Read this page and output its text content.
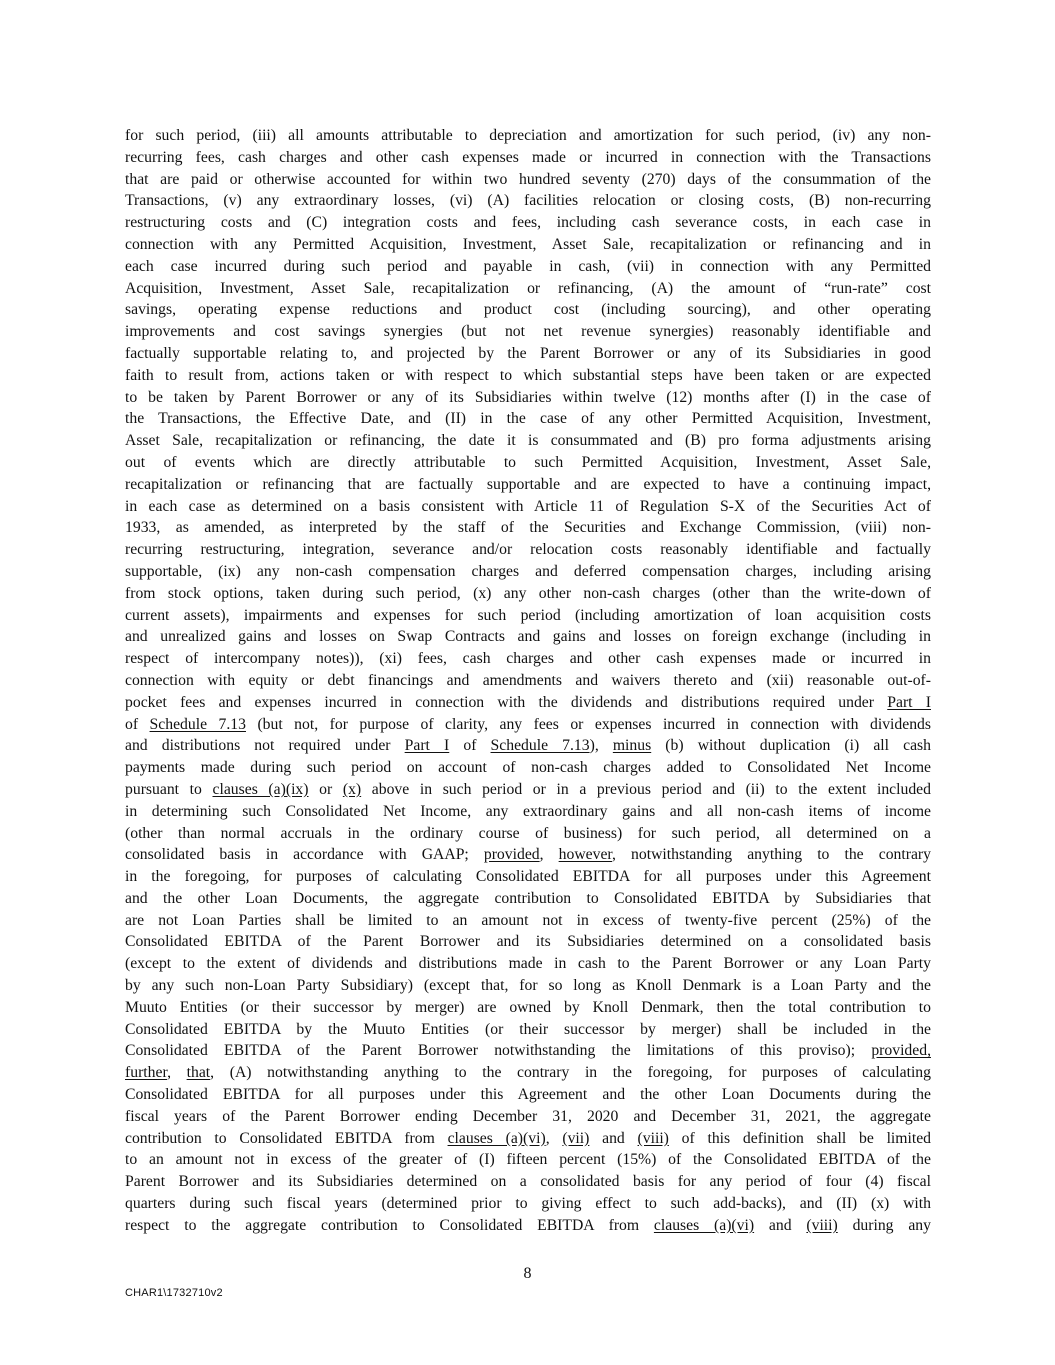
for such period, (iii) all amounts attributable to depreciation and amortization for such period, (iv) any non-
recurring fees, cash charges and other cash expenses made or incurred in connection with the Transactions
that are paid or otherwise accounted for within two hundred seventy (270) days of the consummation of the
Transactions, (v) any extraordinary losses, (vi) (A) facilities relocation or closing costs, (B) non-recurring
restructuring costs and (C) integration costs and fees, including cash severance costs, in each case in
connection with any Permitted Acquisition, Investment, Asset Sale, recapitalization or refinancing and in
each case incurred during such period and payable in cash, (vii) in connection with any Permitted
Acquisition, Investment, Asset Sale, recapitalization or refinancing, (A) the amount of “run-rate” cost
savings, operating expense reductions and product cost (including sourcing), and other operating
improvements and cost savings synergies (but not net revenue synergies) reasonably identifiable and
factually supportable relating to, and projected by the Parent Borrower or any of its Subsidiaries in good
faith to result from, actions taken or with respect to which substantial steps have been taken or are expected
to be taken by Parent Borrower or any of its Subsidiaries within twelve (12) months after (I) in the case of
the Transactions, the Effective Date, and (II) in the case of any other Permitted Acquisition, Investment,
Asset Sale, recapitalization or refinancing, the date it is consummated and (B) pro forma adjustments arising
out of events which are directly attributable to such Permitted Acquisition, Investment, Asset Sale,
recapitalization or refinancing that are factually supportable and are expected to have a continuing impact,
in each case as determined on a basis consistent with Article 11 of Regulation S-X of the Securities Act of
1933, as amended, as interpreted by the staff of the Securities and Exchange Commission, (viii) non-
recurring restructuring, integration, severance and/or relocation costs reasonably identifiable and factually
supportable, (ix) any non-cash compensation charges and deferred compensation charges, including arising
from stock options, taken during such period, (x) any other non-cash charges (other than the write-down of
current assets), impairments and expenses for such period (including amortization of loan acquisition costs
and unrealized gains and losses on Swap Contracts and gains and losses on foreign exchange (including in
respect of intercompany notes)), (xi) fees, cash charges and other cash expenses made or incurred in
connection with equity or debt financings and amendments and waivers thereto and (xii) reasonable out-of-
pocket fees and expenses incurred in connection with the dividends and distributions required under Part I
of Schedule 7.13 (but not, for purpose of clarity, any fees or expenses incurred in connection with dividends
and distributions not required under Part I of Schedule 7.13), minus (b) without duplication (i) all cash
payments made during such period on account of non-cash charges added to Consolidated Net Income
pursuant to clauses (a)(ix) or (x) above in such period or in a previous period and (ii) to the extent included
in determining such Consolidated Net Income, any extraordinary gains and all non-cash items of income
(other than normal accruals in the ordinary course of business) for such period, all determined on a
consolidated basis in accordance with GAAP; provided, however, notwithstanding anything to the contrary
in the foregoing, for purposes of calculating Consolidated EBITDA for all purposes under this Agreement
and the other Loan Documents, the aggregate contribution to Consolidated EBITDA by Subsidiaries that
are not Loan Parties shall be limited to an amount not in excess of twenty-five percent (25%) of the
Consolidated EBITDA of the Parent Borrower and its Subsidiaries determined on a consolidated basis
(except to the extent of dividends and distributions made in cash to the Parent Borrower or any Loan Party
by any such non-Loan Party Subsidiary) (except that, for so long as Knoll Denmark is a Loan Party and the
Muuto Entities (or their successor by merger) are owned by Knoll Denmark, then the total contribution to
Consolidated EBITDA by the Muuto Entities (or their successor by merger) shall be included in the
Consolidated EBITDA of the Parent Borrower notwithstanding the limitations of this proviso); provided,
further, that, (A) notwithstanding anything to the contrary in the foregoing, for purposes of calculating
Consolidated EBITDA for all purposes under this Agreement and the other Loan Documents during the
fiscal years of the Parent Borrower ending December 31, 2020 and December 31, 2021, the aggregate
contribution to Consolidated EBITDA from clauses (a)(vi), (vii) and (viii) of this definition shall be limited
to an amount not in excess of the greater of (I) fifteen percent (15%) of the Consolidated EBITDA of the
Parent Borrower and its Subsidiaries determined on a consolidated basis for any period of four (4) fiscal
quarters during such fiscal years (determined prior to giving effect to such add-backs), and (II) (x) with
respect to the aggregate contribution to Consolidated EBITDA from clauses (a)(vi) and (viii) during any
8
CHAR1\1732710v2
